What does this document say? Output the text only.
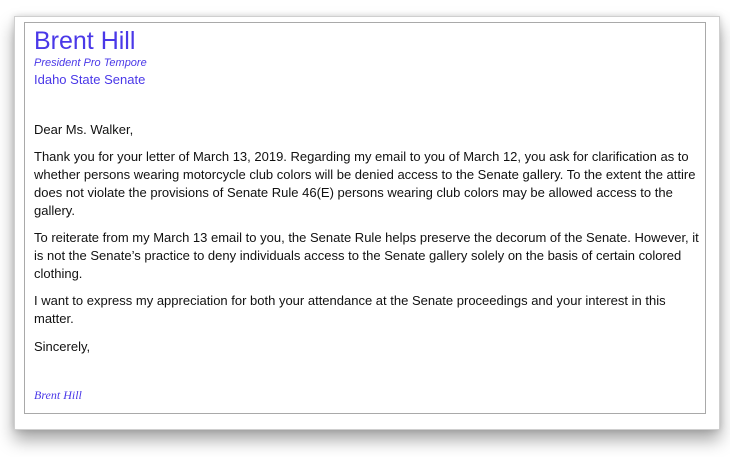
Brent Hill

President Pro Tempore

Idaho State Senate

Dear Ms. Walker,

Thank you for your letter of March 13, 2019. Regarding my email to you of March 12, you ask for clarification as to whether persons wearing motorcycle club colors will be denied access to the Senate gallery. To the extent the attire does not violate the provisions of Senate Rule 46(E) persons wearing club colors may be allowed access to the gallery.

To reiterate from my March 13 email to you, the Senate Rule helps preserve the decorum of the Senate. However, it is not the Senate’s practice to deny individuals access to the Senate gallery solely on the basis of certain colored clothing.

I want to express my appreciation for both your attendance at the Senate proceedings and your interest in this matter.

Sincerely,

Brent Hill
